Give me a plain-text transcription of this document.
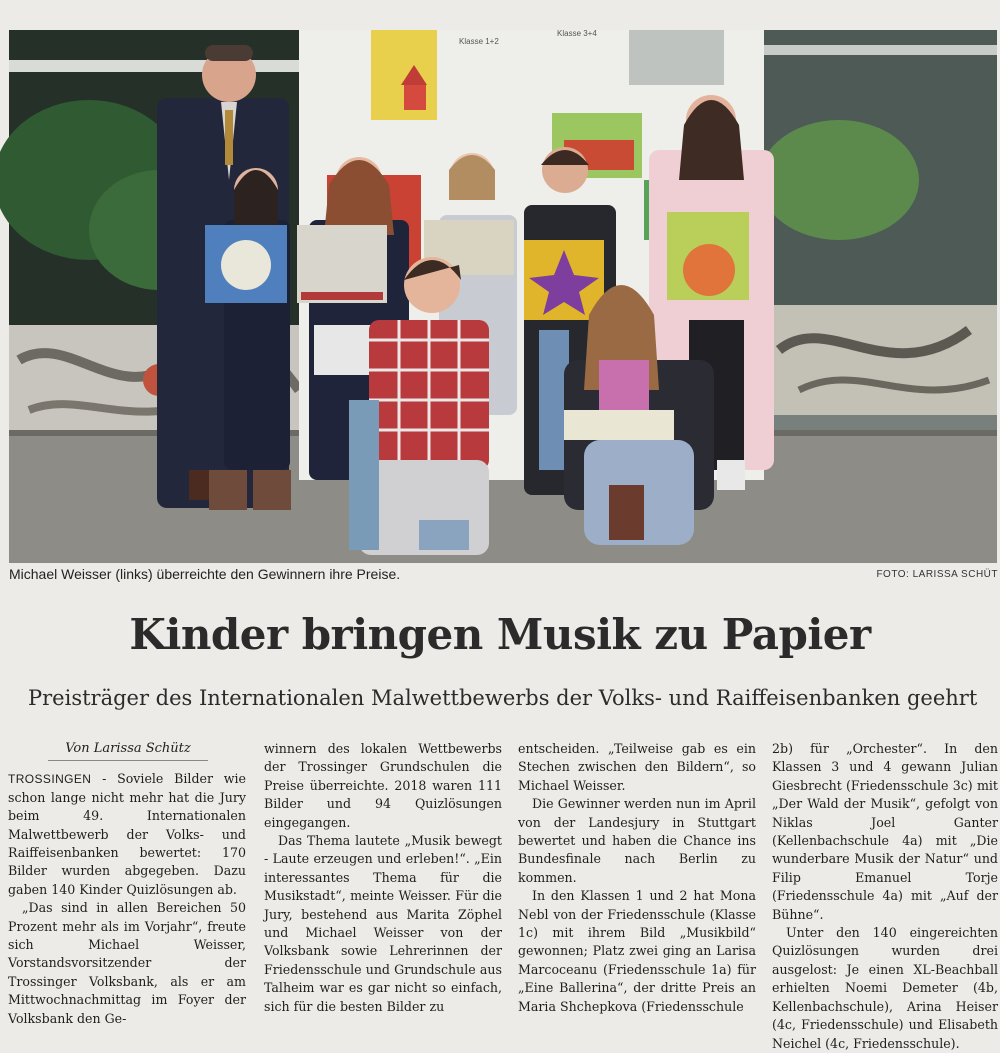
Klasse 1+2
Klasse 3+4
Michael Weisser (links) überreichte den Gewinnern ihre Preise.	FOTO: LARISSA SCHÜT
Kinder bringen Musik zu Papier
Preisträger des Internationalen Malwettbewerbs der Volks- und Raiffeisenbanken geehrt
Von Larissa Schütz

TROSSINGEN - Soviele Bilder wie schon lange nicht mehr hat die Jury beim 49. Internationalen Malwettbewerb der Volks- und Raiffeisenbanken bewertet: 170 Bilder wurden abgegeben. Dazu gaben 140 Kinder Quizlösungen ab.

„Das sind in allen Bereichen 50 Prozent mehr als im Vorjahr“, freute sich Michael Weisser, Vorstandsvorsitzender der Trossinger Volksbank, als er am Mittwochnachmittag im Foyer der Volksbank den Ge-

winnern des lokalen Wettbewerbs der Trossinger Grundschulen die Preise überreichte. 2018 waren 111 Bilder und 94 Quizlösungen eingegangen.

Das Thema lautete „Musik bewegt - Laute erzeugen und erleben!“. „Ein interessantes Thema für die Musikstadt“, meinte Weisser. Für die Jury, bestehend aus Marita Zöphel und Michael Weisser von der Volksbank sowie Lehrerinnen der Friedensschule und Grundschule aus Talheim war es gar nicht so einfach, sich für die besten Bilder zu

entscheiden. „Teilweise gab es ein Stechen zwischen den Bildern“, so Michael Weisser.

Die Gewinner werden nun im April von der Landesjury in Stuttgart bewertet und haben die Chance ins Bundesfinale nach Berlin zu kommen.

In den Klassen 1 und 2 hat Mona Nebl von der Friedensschule (Klasse 1c) mit ihrem Bild „Musikbild“ gewonnen; Platz zwei ging an Larisa Marcoceanu (Friedensschule 1a) für „Eine Ballerina“, der dritte Preis an Maria Shchepkova (Friedensschule

2b) für „Orchester“. In den Klassen 3 und 4 gewann Julian Giesbrecht (Friedensschule 3c) mit „Der Wald der Musik“, gefolgt von Niklas Joel Ganter (Kellenbachschule 4a) mit „Die wunderbare Musik der Natur“ und Filip Emanuel Torje (Friedensschule 4a) mit „Auf der Bühne“.

Unter den 140 eingereichten Quizlösungen wurden drei ausgelost: Je einen XL-Beachball erhielten Noemi Demeter (4b, Kellenbachschule), Arina Heiser (4c, Friedensschule) und Elisabeth Neichel (4c, Friedensschule).
